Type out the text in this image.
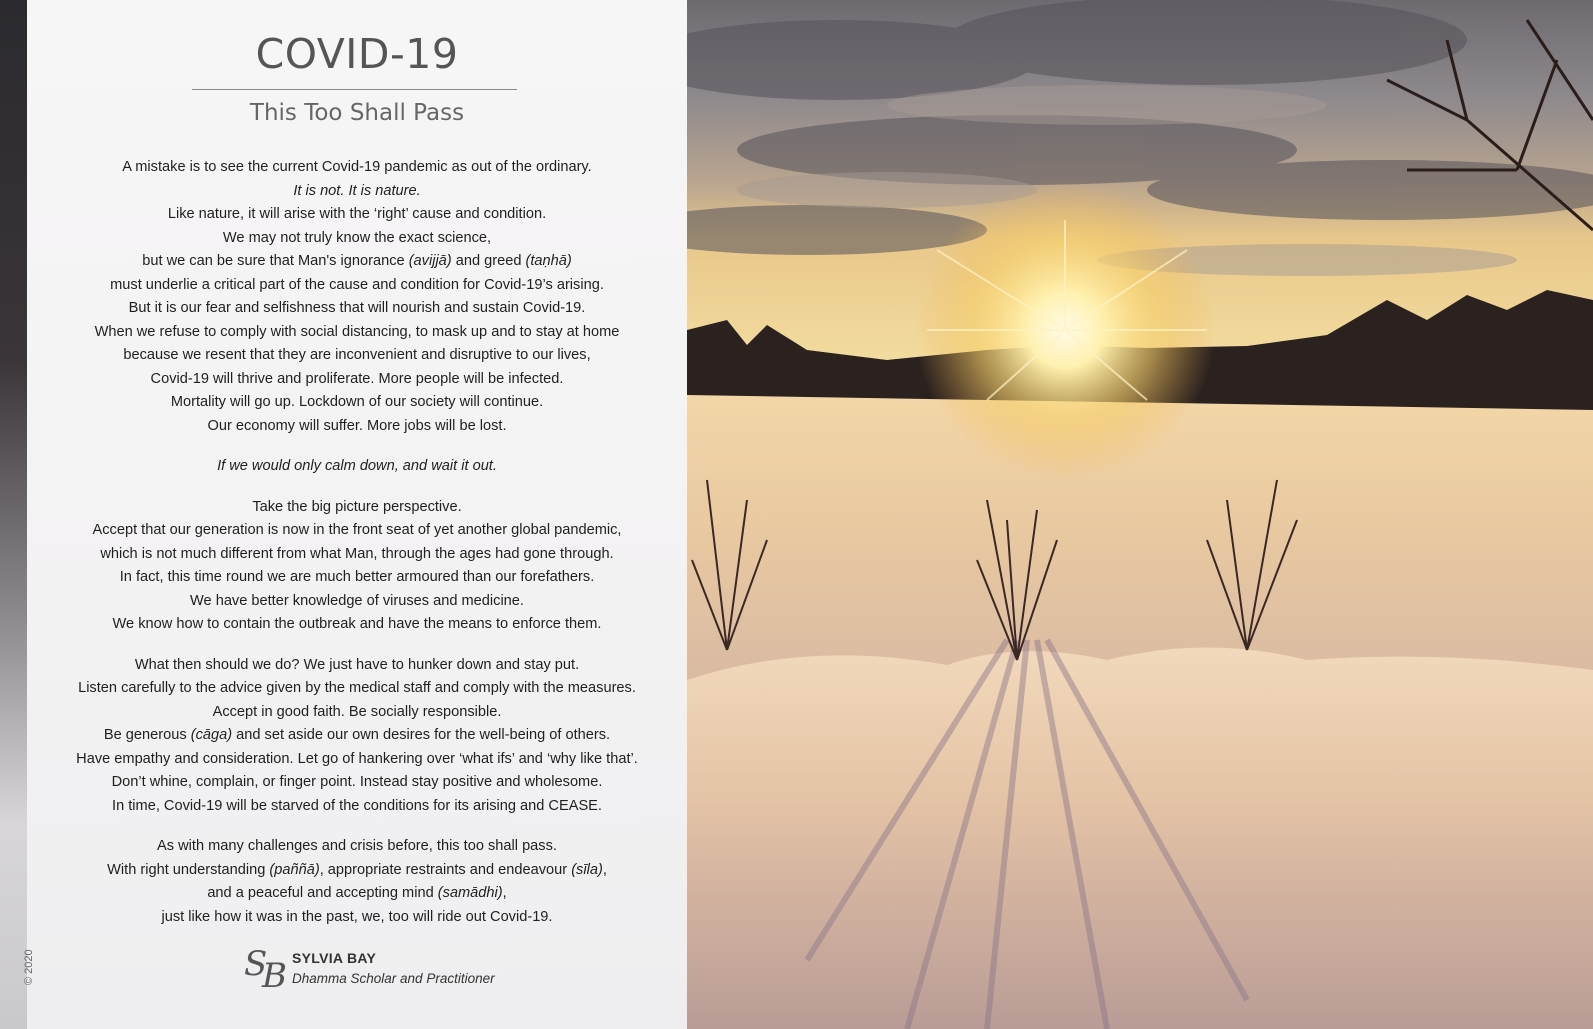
COVID-19
This Too Shall Pass
A mistake is to see the current Covid-19 pandemic as out of the ordinary.
It is not. It is nature.
Like nature, it will arise with the ‘right’ cause and condition.
We may not truly know the exact science,
but we can be sure that Man's ignorance (avijjā) and greed (taṇhā)
must underlie a critical part of the cause and condition for Covid-19’s arising.
But it is our fear and selfishness that will nourish and sustain Covid-19.
When we refuse to comply with social distancing, to mask up and to stay at home
because we resent that they are inconvenient and disruptive to our lives,
Covid-19 will thrive and proliferate. More people will be infected.
Mortality will go up. Lockdown of our society will continue.
Our economy will suffer. More jobs will be lost.
If we would only calm down, and wait it out.
Take the big picture perspective.
Accept that our generation is now in the front seat of yet another global pandemic,
which is not much different from what Man, through the ages had gone through.
In fact, this time round we are much better armoured than our forefathers.
We have better knowledge of viruses and medicine.
We know how to contain the outbreak and have the means to enforce them.
What then should we do? We just have to hunker down and stay put.
Listen carefully to the advice given by the medical staff and comply with the measures.
Accept in good faith. Be socially responsible.
Be generous (cāga) and set aside our own desires for the well-being of others.
Have empathy and consideration. Let go of hankering over ‘what ifs’ and ‘why like that’.
Don’t whine, complain, or finger point. Instead stay positive and wholesome.
In time, Covid-19 will be starved of the conditions for its arising and CEASE.
As with many challenges and crisis before, this too shall pass.
With right understanding (paññā), appropriate restraints and endeavour (sīla),
and a peaceful and accepting mind (samādhi),
just like how it was in the past, we, too will ride out Covid-19.
S
B SYLVIA BAY
Dhamma Scholar and Practitioner
© 2020
